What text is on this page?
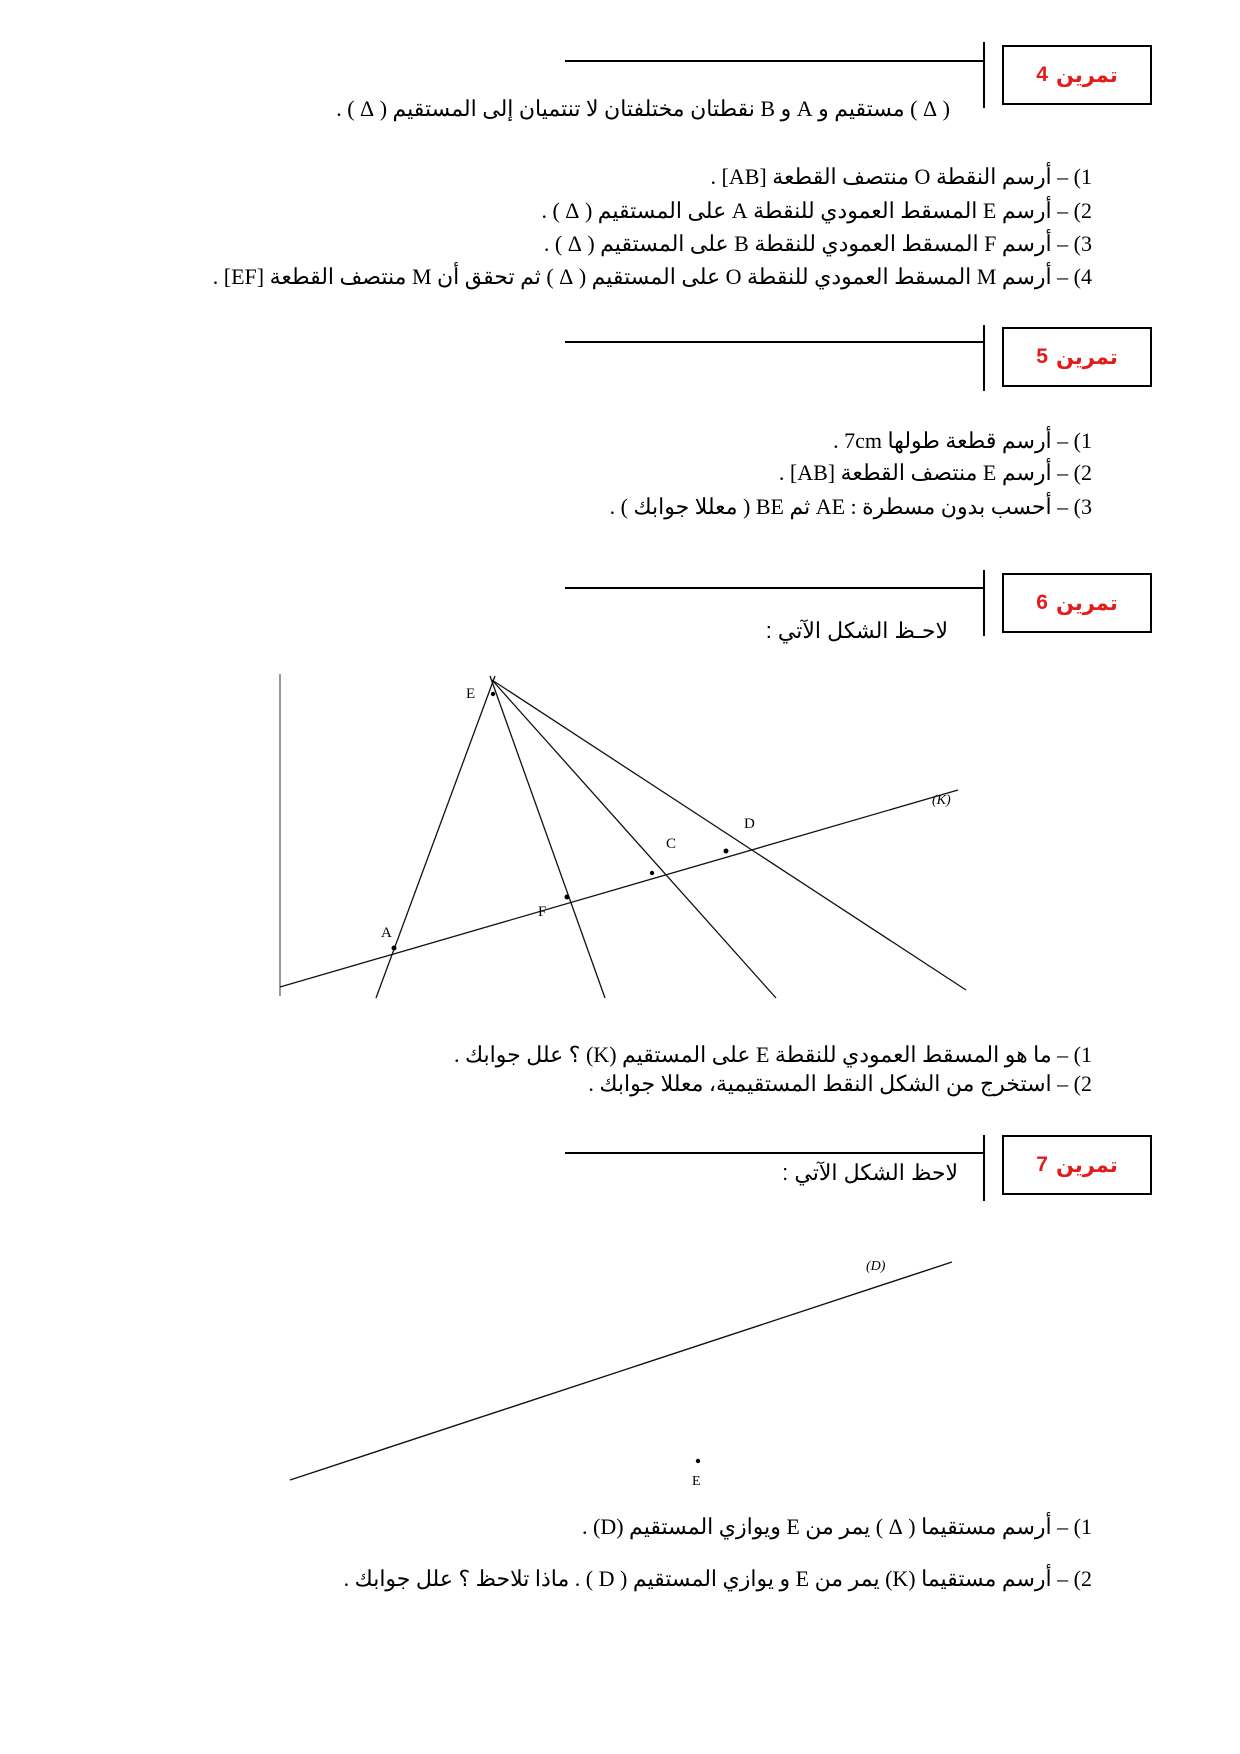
تمرين
4
( Δ ) مستقيم و A و B نقطتان مختلفتان لا تنتميان إلى المستقيم ( Δ ) .
1) – أرسم النقطة O منتصف القطعة [AB] .
2) – أرسم E المسقط العمودي للنقطة A على المستقيم ( Δ ) .
3) – أرسم F المسقط العمودي للنقطة B على المستقيم ( Δ ) .
4) – أرسم M المسقط العمودي للنقطة O على المستقيم ( Δ ) ثم تحقق أن M منتصف القطعة [EF] .
تمرين
5
1) – أرسم قطعة طولها 7cm .
2) – أرسم E منتصف القطعة [AB] .
3) – أحسب بدون مسطرة : AE ثم BE ( معللا جوابك ) .
تمرين
6
لاحـظ الشكل الآتي :
E
A
F
C
D
(K)
1) – ما هو المسقط العمودي للنقطة E على المستقيم (K) ؟ علل جوابك .
2) – استخرج من الشكل النقط المستقيمية، معللا جوابك .
تمرين
7
لاحظ الشكل الآتي :
(D)
E
1) – أرسم مستقيما ( Δ ) يمر من E ويوازي المستقيم (D) .
2) – أرسم مستقيما (K) يمر من E و يوازي المستقيم ( D ) . ماذا تلاحظ ؟ علل جوابك .
